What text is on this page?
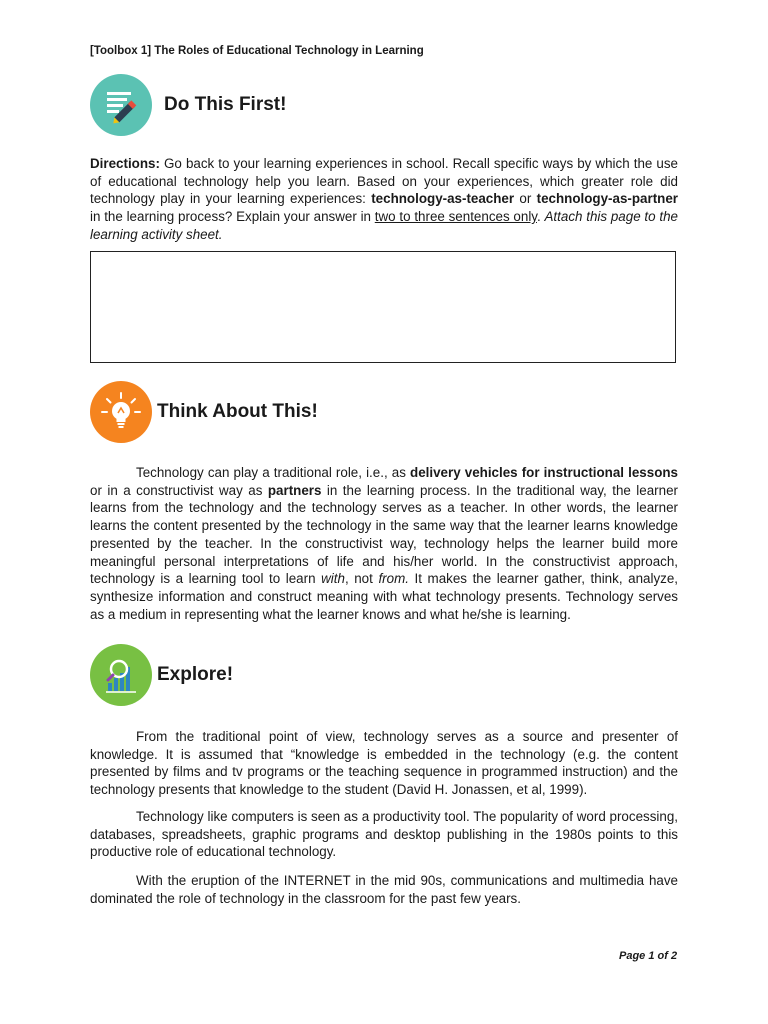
[Toolbox 1] The Roles of Educational Technology in Learning
Do This First!

Directions: Go back to your learning experiences in school. Recall specific ways by which the use of educational technology help you learn. Based on your experiences, which greater role did technology play in your learning experiences: technology-as-teacher or technology-as-partner in the learning process? Explain your answer in two to three sentences only. Attach this page to the learning activity sheet.

Think About This!

Technology can play a traditional role, i.e., as delivery vehicles for instructional lessons or in a constructivist way as partners in the learning process. In the traditional way, the learner learns from the technology and the technology serves as a teacher. In other words, the learner learns the content presented by the technology in the same way that the learner learns knowledge presented by the teacher. In the constructivist way, technology helps the learner build more meaningful personal interpretations of life and his/her world. In the constructivist approach, technology is a learning tool to learn with, not from. It makes the learner gather, think, analyze, synthesize information and construct meaning with what technology presents. Technology serves as a medium in representing what the learner knows and what he/she is learning.

Explore!

From the traditional point of view, technology serves as a source and presenter of knowledge. It is assumed that “knowledge is embedded in the technology (e.g. the content presented by films and tv programs or the teaching sequence in programmed instruction) and the technology presents that knowledge to the student (David H. Jonassen, et al, 1999).

Technology like computers is seen as a productivity tool. The popularity of word processing, databases, spreadsheets, graphic programs and desktop publishing in the 1980s points to this productive role of educational technology.

With the eruption of the INTERNET in the mid 90s, communications and multimedia have dominated the role of technology in the classroom for the past few years.

Page 1 of 2
